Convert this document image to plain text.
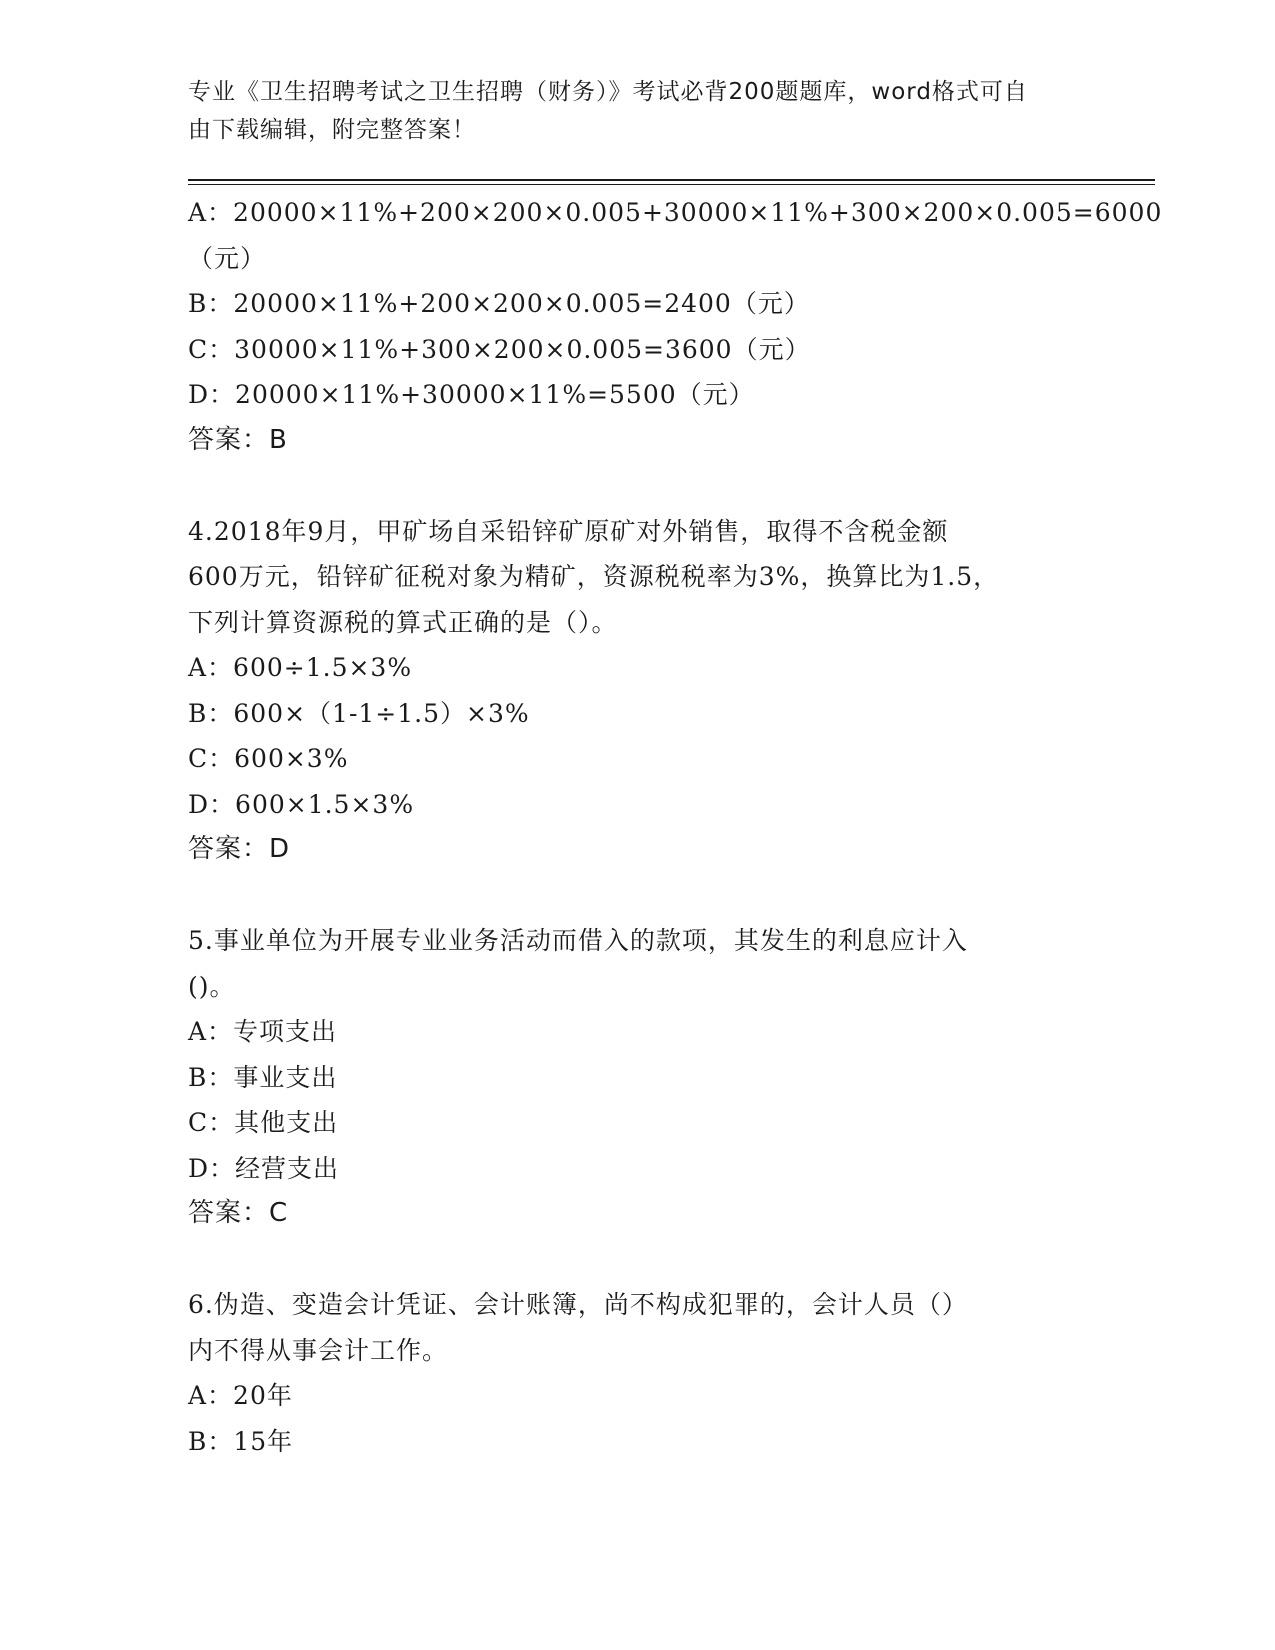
专业《卫生招聘考试之卫生招聘（财务）》考试必背200题题库，word格式可自
由下载编辑，附完整答案！
A：20000×11%+200×200×0.005+30000×11%+300×200×0.005=6000
（元）
B：20000×11%+200×200×0.005=2400（元）
C：30000×11%+300×200×0.005=3600（元）
D：20000×11%+30000×11%=5500（元）
答案：B
4.2018年9月，甲矿场自采铅锌矿原矿对外销售，取得不含税金额
600万元，铅锌矿征税对象为精矿，资源税税率为3%，换算比为1.5，
下列计算资源税的算式正确的是（）。
A：600÷1.5×3%
B：600×（1-1÷1.5）×3%
C：600×3%
D：600×1.5×3%
答案：D
5.事业单位为开展专业业务活动而借入的款项，其发生的利息应计入
()。
A：专项支出
B：事业支出
C：其他支出
D：经营支出
答案：C
6.伪造、变造会计凭证、会计账簿，尚不构成犯罪的，会计人员（）
内不得从事会计工作。
A：20年
B：15年
